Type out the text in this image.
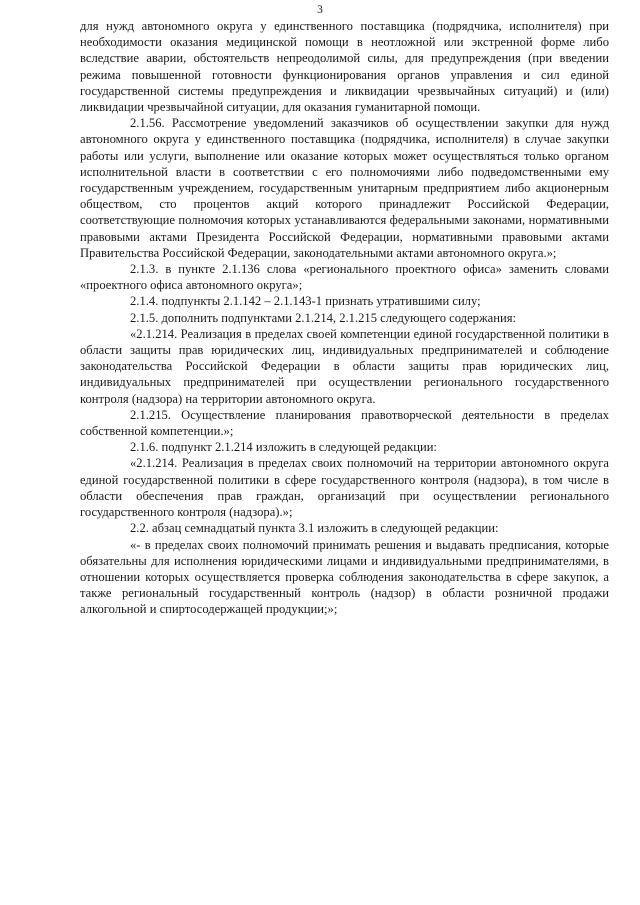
3

для нужд автономного округа у единственного поставщика (подрядчика, исполнителя) при необходимости оказания медицинской помощи в неотложной или экстренной форме либо вследствие аварии, обстоятельств непреодолимой силы, для предупреждения (при введении режима повышенной готовности функционирования органов управления и сил единой государственной системы предупреждения и ликвидации чрезвычайных ситуаций) и (или) ликвидации чрезвычайной ситуации, для оказания гуманитарной помощи.

2.1.56. Рассмотрение уведомлений заказчиков об осуществлении закупки для нужд автономного округа у единственного поставщика (подрядчика, исполнителя) в случае закупки работы или услуги, выполнение или оказание которых может осуществляться только органом исполнительной власти в соответствии с его полномочиями либо подведомственными ему государственным учреждением, государственным унитарным предприятием либо акционерным обществом, сто процентов акций которого принадлежит Российской Федерации, соответствующие полномочия которых устанавливаются федеральными законами, нормативными правовыми актами Президента Российской Федерации, нормативными правовыми актами Правительства Российской Федерации, законодательными актами автономного округа.»;

2.1.3. в пункте 2.1.136 слова «регионального проектного офиса» заменить словами «проектного офиса автономного округа»;

2.1.4. подпункты 2.1.142 – 2.1.143-1 признать утратившими силу;

2.1.5. дополнить подпунктами 2.1.214, 2.1.215 следующего содержания:

«2.1.214. Реализация в пределах своей компетенции единой государственной политики в области защиты прав юридических лиц, индивидуальных предпринимателей и соблюдение законодательства Российской Федерации в области защиты прав юридических лиц, индивидуальных предпринимателей при осуществлении регионального государственного контроля (надзора) на территории автономного округа.

2.1.215. Осуществление планирования правотворческой деятельности в пределах собственной компетенции.»;

2.1.6. подпункт 2.1.214 изложить в следующей редакции:

«2.1.214. Реализация в пределах своих полномочий на территории автономного округа единой государственной политики в сфере государственного контроля (надзора), в том числе в области обеспечения прав граждан, организаций при осуществлении регионального государственного контроля (надзора).»;

2.2. абзац семнадцатый пункта 3.1 изложить в следующей редакции:

«- в пределах своих полномочий принимать решения и выдавать предписания, которые обязательны для исполнения юридическими лицами и индивидуальными предпринимателями, в отношении которых осуществляется проверка соблюдения законодательства в сфере закупок, а также региональный государственный контроль (надзор) в области розничной продажи алкогольной и спиртосодержащей продукции;»;
